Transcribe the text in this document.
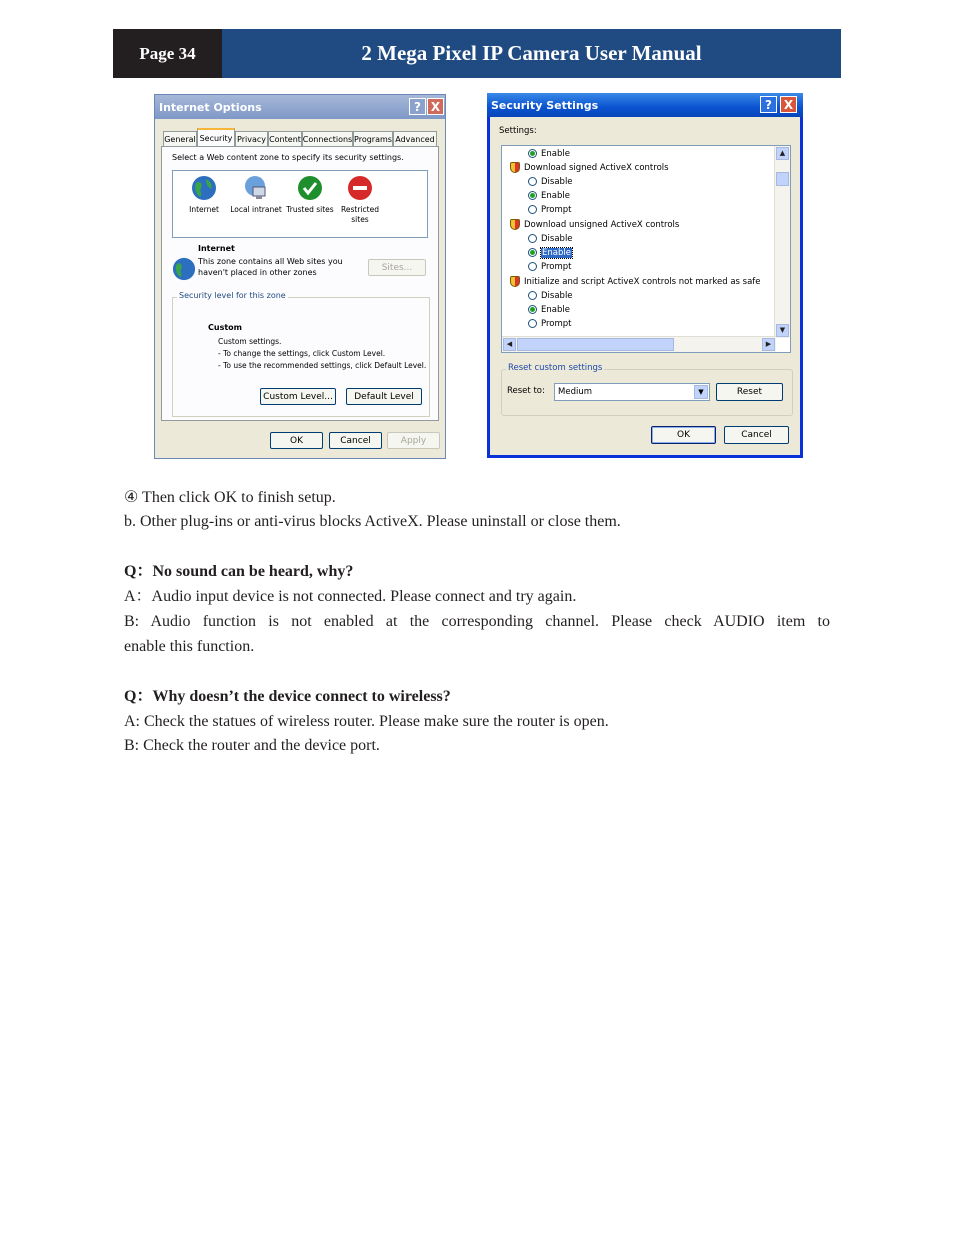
Page 34	2 Mega Pixel IP Camera User Manual
Internet Options	? X
General Security Privacy Content Connections Programs Advanced
Select a Web content zone to specify its security settings.
Internet	Local intranet Trusted sites Restricted sites
Internet
This zone contains all Web sites you
haven't placed in other zones	Sites...
Security level for this zone
Custom
Custom settings.
- To change the settings, click Custom Level.
- To use the recommended settings, click Default Level.
Custom Level...	Default Level
OK	Cancel	Apply
Security Settings	? X
Settings:
Enable
Download signed ActiveX controls
Disable
Enable
Prompt
Download unsigned ActiveX controls
Disable
Enable
Prompt
Initialize and script ActiveX controls not marked as safe
Disable
Enable
Prompt
▲
▼
◀	▶
Reset custom settings
Reset to:	Medium	▼	Reset
OK	Cancel
④ Then click OK to finish setup.
b. Other plug-ins or anti-virus blocks ActiveX. Please uninstall or close them.
Q：No sound can be heard, why?
A：Audio input device is not connected. Please connect and try again.
B: Audio function is not enabled at the corresponding channel. Please check AUDIO item to
enable this function.
Q：Why doesn’t the device connect to wireless?
A: Check the statues of wireless router. Please make sure the router is open.
B: Check the router and the device port.
